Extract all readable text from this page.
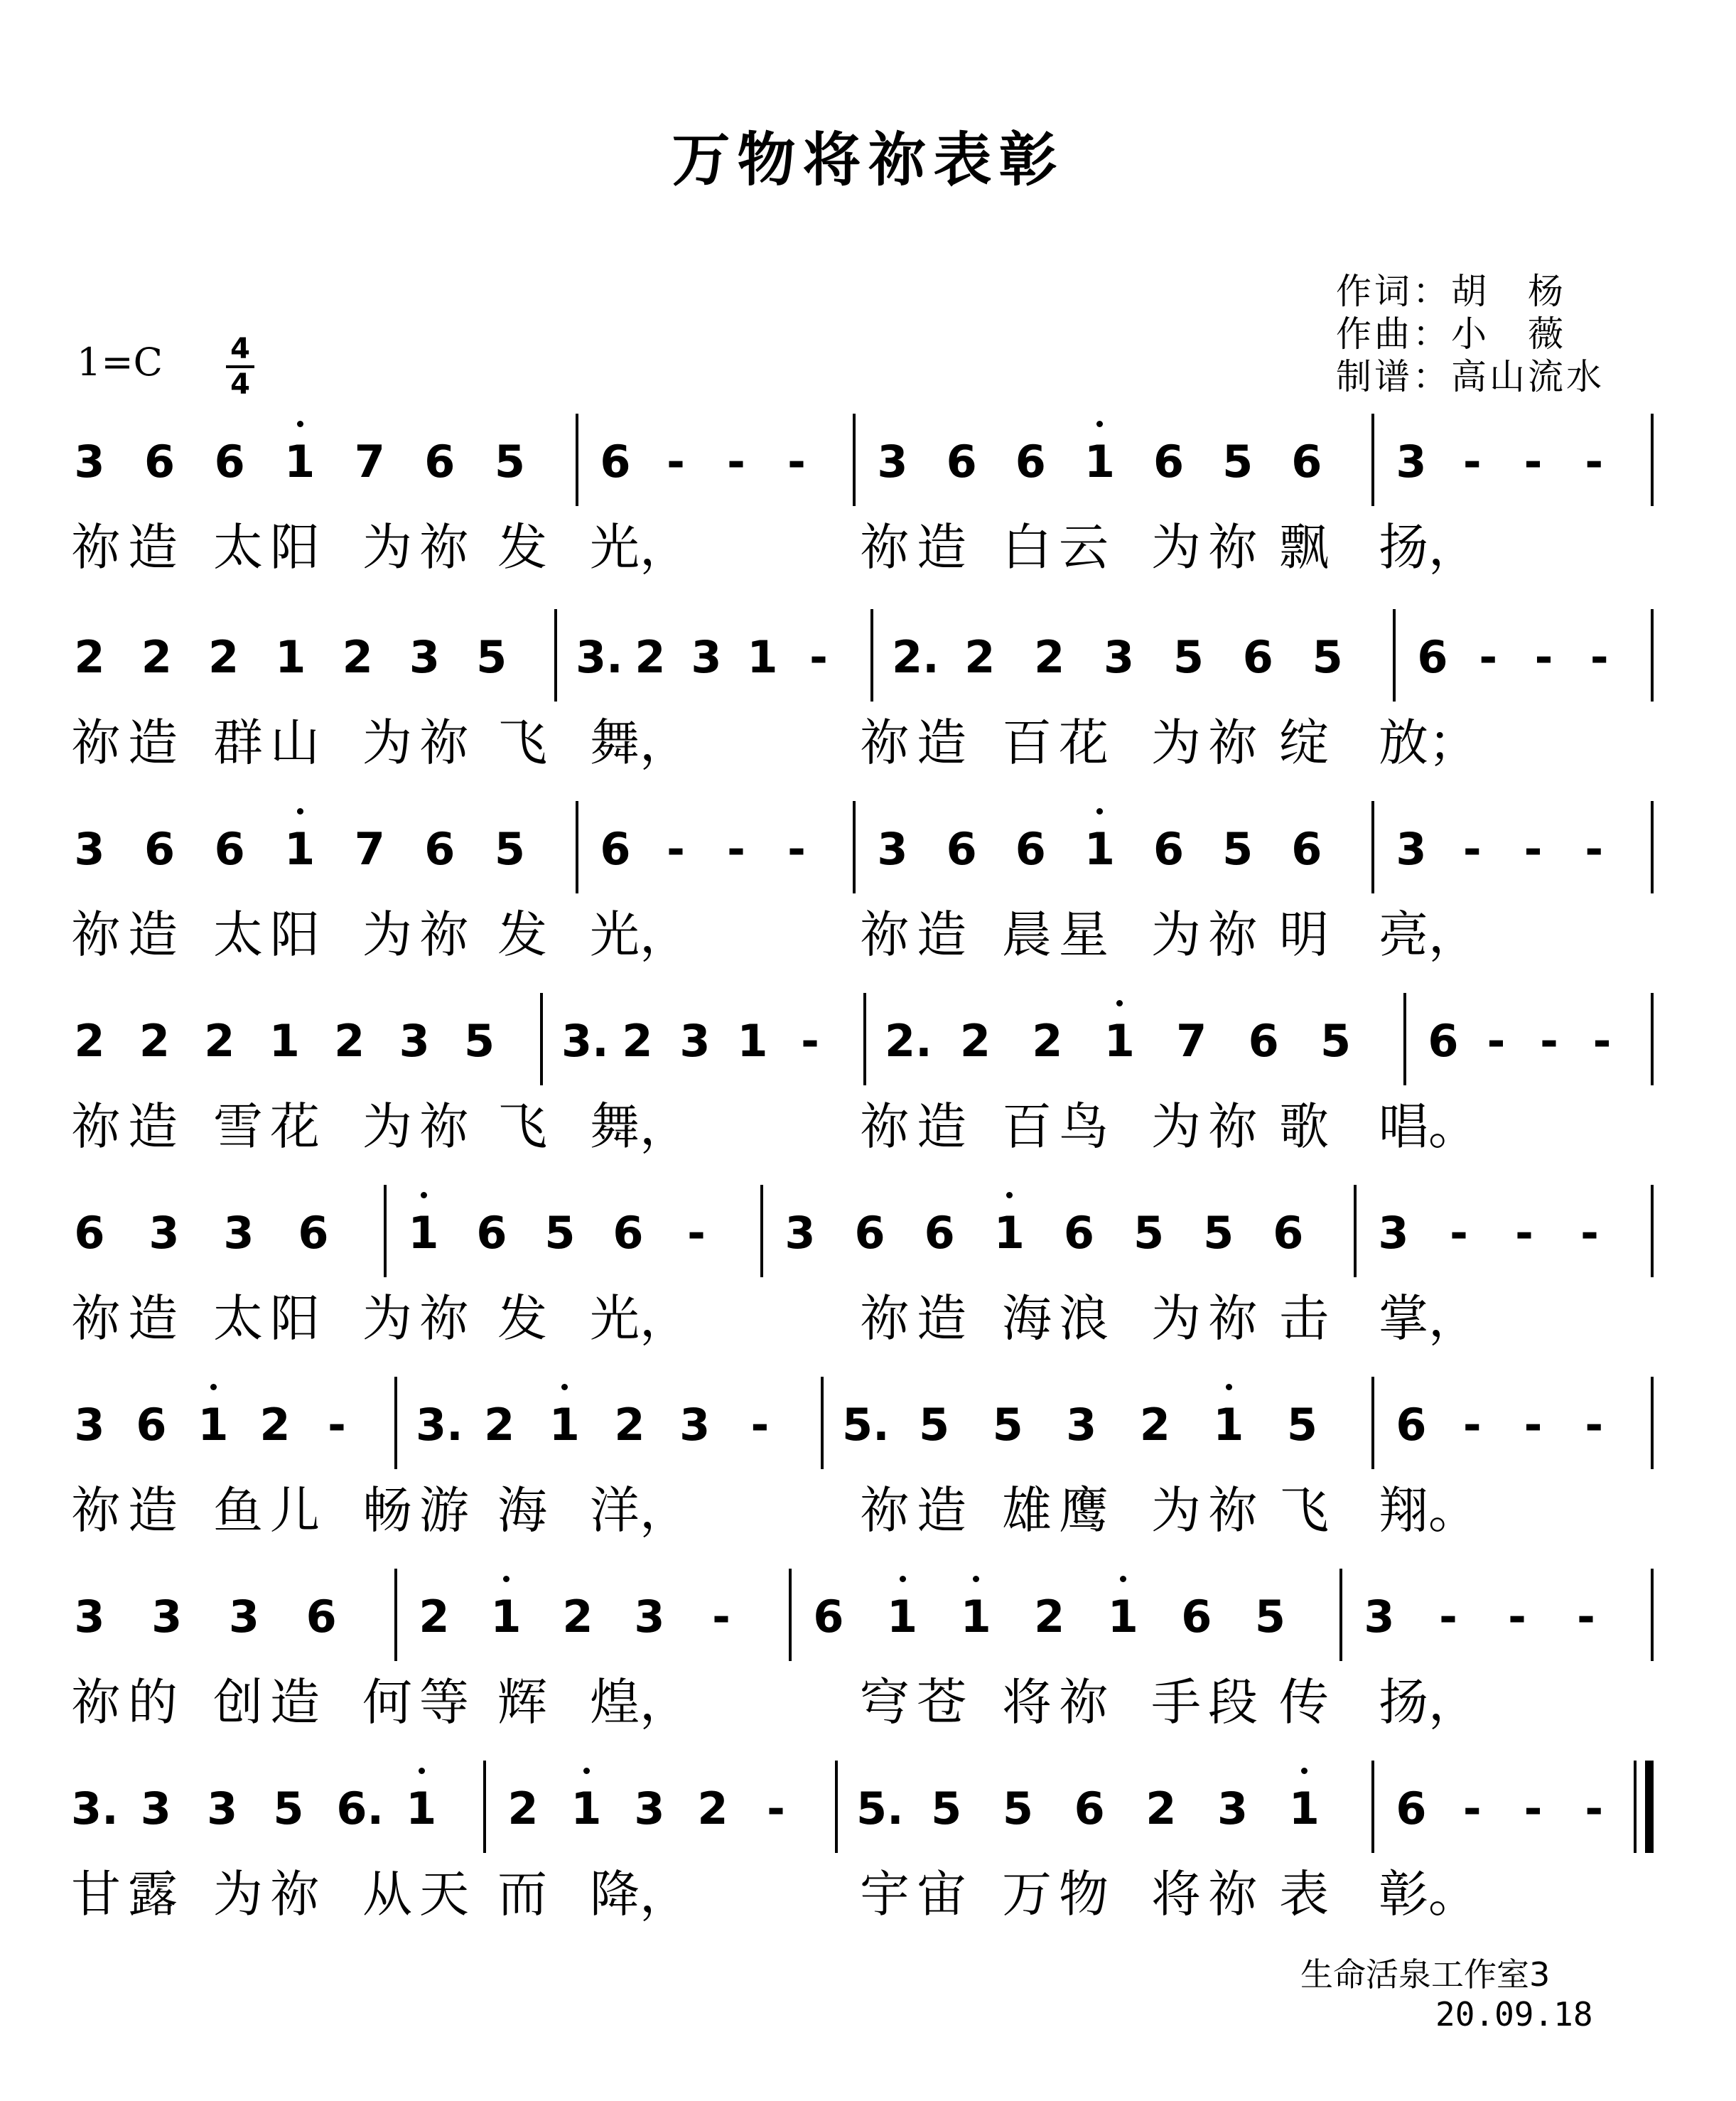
万物将祢表彰
作词：胡　杨
作曲：小　薇
制谱：高山流水
1=C 4
4
3 6 6 1 7 6 5 6 - - - 3 6 6 1 6 5 6 3 - - -
祢 造 太 阳 为 祢 发 光，	祢 造 白 云 为 祢 飘 扬，
2 2 2 1 2 3 5 3. 2 3 1 - 2. 2 2 3 5 6 5 6 - - -
祢 造 群 山 为 祢 飞 舞，	祢 造 百 花 为 祢 绽 放；
3 6 6 1 7 6 5 6 - - - 3 6 6 1 6 5 6 3 - - -
祢 造 太 阳 为 祢 发 光，	祢 造 晨 星 为 祢 明 亮，
2 2 2 1 2 3 5 3. 2 3 1 - 2. 2 2 1 7 6 5 6 - - -
祢 造 雪 花 为 祢 飞 舞，	祢 造 百 鸟 为 祢 歌 唱。
6 3 3 6 1 6 5 6 - 3 6 6 1 6 5 5 6 3 - - -
祢 造 太 阳 为 祢 发 光，	祢 造 海 浪 为 祢 击 掌，
3 6 1 2 - 3. 2 1 2 3 - 5. 5 5 3 2 1 5 6 - - -
祢 造 鱼 儿 畅 游 海 洋，	祢 造 雄 鹰 为 祢 飞 翔。
3 3 3 6 2 1 2 3 - 6 1 1 2 1 6 5 3 - - -
祢 的 创 造 何 等 辉 煌，	穹 苍 将 祢 手 段 传 扬，
3. 3 3 5 6. 1 2 1 3 2 - 5. 5 5 6 2 3 1 6 - - -
甘 露 为 祢 从 天 而 降，	宇 宙 万 物 将 祢 表 彰。
生命活泉工作室3
20.09.18
